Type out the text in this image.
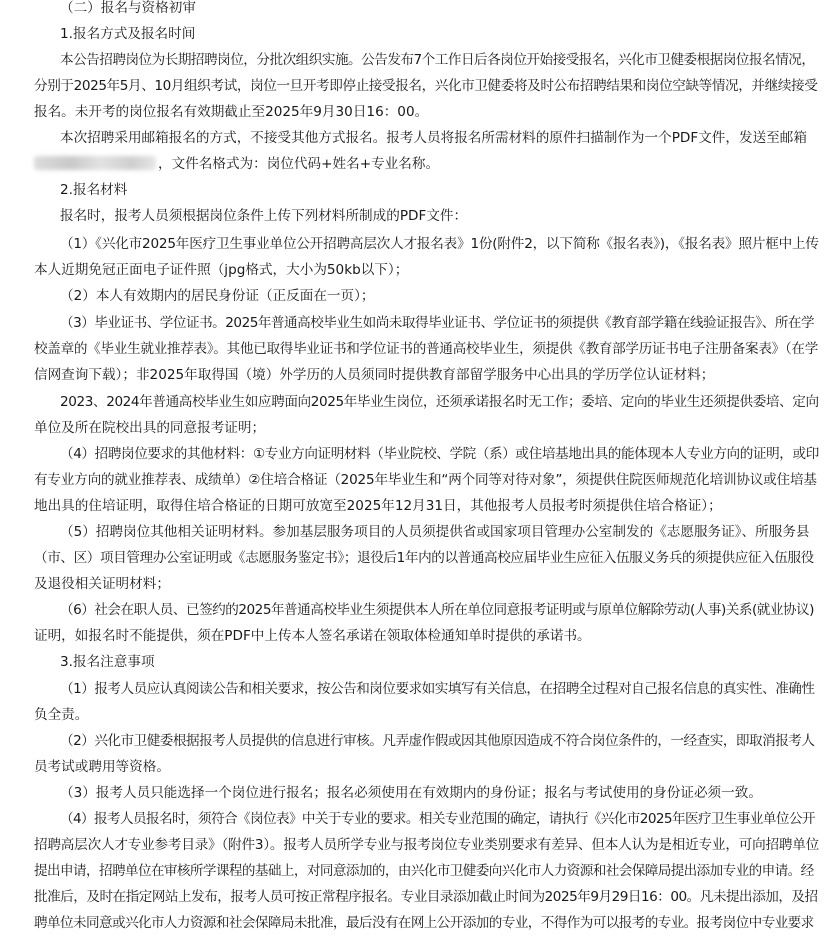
（二）报名与资格初审
1.报名方式及报名时间
本公告招聘岗位为长期招聘岗位，分批次组织实施。公告发布7个工作日后各岗位开始接受报名，兴化市卫健委根据岗位报名情况，
分别于2025年5月、10月组织考试，岗位一旦开考即停止接受报名，兴化市卫健委将及时公布招聘结果和岗位空缺等情况，并继续接受
报名。未开考的岗位报名有效期截止至2025年9月30日16：00。
本次招聘采用邮箱报名的方式，不接受其他方式报名。报考人员将报名所需材料的原件扫描制作为一个PDF文件，发送至邮箱
，文件名格式为：岗位代码+姓名+专业名称。
2.报名材料
报名时，报考人员须根据岗位条件上传下列材料所制成的PDF文件：
（1）《兴化市2025年医疗卫生事业单位公开招聘高层次人才报名表》1份(附件2，以下简称《报名表》)，《报名表》照片框中上传
本人近期免冠正面电子证件照（jpg格式，大小为50kb以下）；
（2）本人有效期内的居民身份证（正反面在一页）；
（3）毕业证书、学位证书。2025年普通高校毕业生如尚未取得毕业证书、学位证书的须提供《教育部学籍在线验证报告》、所在学
校盖章的《毕业生就业推荐表》。其他已取得毕业证书和学位证书的普通高校毕业生，须提供《教育部学历证书电子注册备案表》（在学
信网查询下载）；非2025年取得国（境）外学历的人员须同时提供教育部留学服务中心出具的学历学位认证材料；
2023、2024年普通高校毕业生如应聘面向2025年毕业生岗位，还须承诺报名时无工作；委培、定向的毕业生还须提供委培、定向
单位及所在院校出具的同意报考证明；
（4）招聘岗位要求的其他材料：①专业方向证明材料（毕业院校、学院（系）或住培基地出具的能体现本人专业方向的证明，或印
有专业方向的就业推荐表、成绩单）②住培合格证（2025年毕业生和“两个同等对待对象”，须提供住院医师规范化培训协议或住培基
地出具的住培证明，取得住培合格证的日期可放宽至2025年12月31日，其他报考人员报考时须提供住培合格证）；
（5）招聘岗位其他相关证明材料。参加基层服务项目的人员须提供省或国家项目管理办公室制发的《志愿服务证》、所服务县
（市、区）项目管理办公室证明或《志愿服务鉴定书》；退役后1年内的以普通高校应届毕业生应征入伍服义务兵的须提供应征入伍服役
及退役相关证明材料；
（6）社会在职人员、已签约的2025年普通高校毕业生须提供本人所在单位同意报考证明或与原单位解除劳动(人事)关系(就业协议)
证明，如报名时不能提供，须在PDF中上传本人签名承诺在领取体检通知单时提供的承诺书。
3.报名注意事项
（1）报考人员应认真阅读公告和相关要求，按公告和岗位要求如实填写有关信息，在招聘全过程对自己报名信息的真实性、准确性
负全责。
（2）兴化市卫健委根据报考人员提供的信息进行审核。凡弄虚作假或因其他原因造成不符合岗位条件的，一经查实，即取消报考人
员考试或聘用等资格。
（3）报考人员只能选择一个岗位进行报名；报名必须使用在有效期内的身份证；报名与考试使用的身份证必须一致。
（4）报考人员报名时，须符合《岗位表》中关于专业的要求。相关专业范围的确定，请执行《兴化市2025年医疗卫生事业单位公开
招聘高层次人才专业参考目录》（附件3）。报考人员所学专业与报考岗位专业类别要求有差异、但本人认为是相近专业，可向招聘单位
提出申请，招聘单位在审核所学课程的基础上，对同意添加的，由兴化市卫健委向兴化市人力资源和社会保障局提出添加专业的申请。经
批准后，及时在指定网站上发布，报考人员可按正常程序报名。专业目录添加截止时间为2025年9月29日16：00。凡未提出添加，及招
聘单位未同意或兴化市人力资源和社会保障局未批准，最后没有在网上公开添加的专业，不得作为可以报考的专业。报考岗位中专业要求
